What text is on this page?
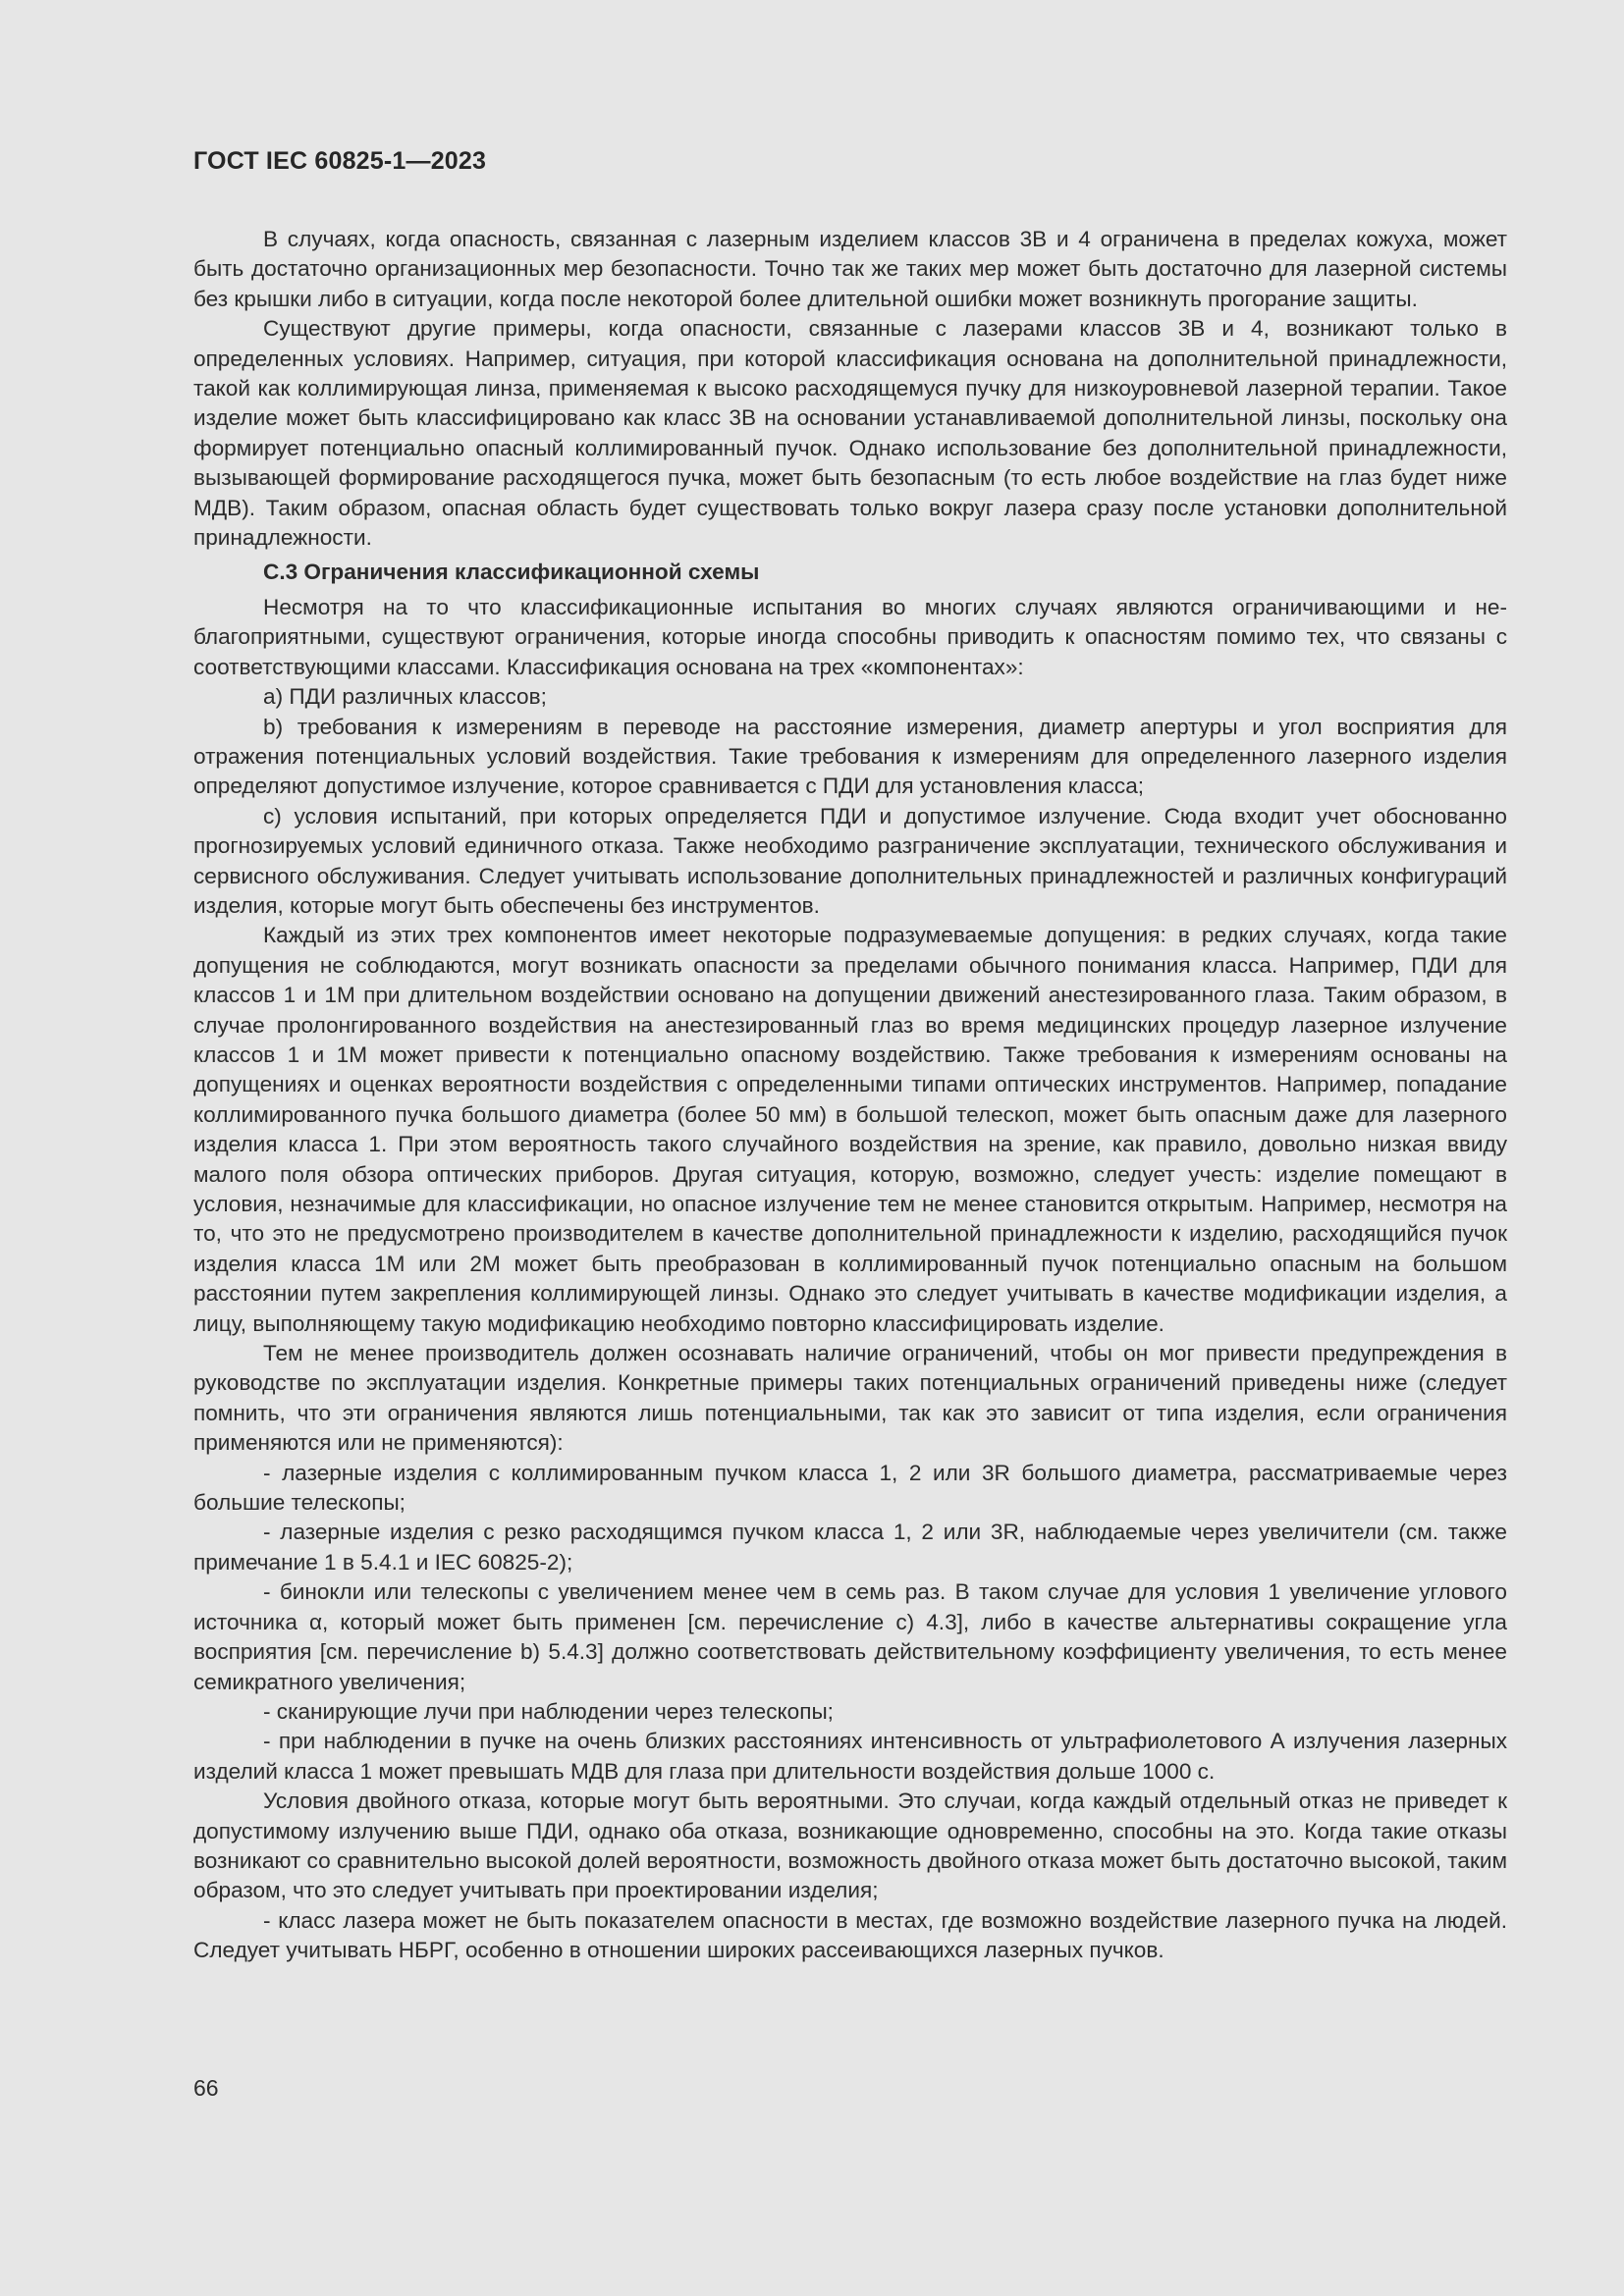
ГОСТ IEC 60825-1—2023

В случаях, когда опасность, связанная с лазерным изделием классов 3В и 4 ограничена в пределах кожуха, может быть достаточно организационных мер безопасности. Точно так же таких мер может быть достаточно для лазерной системы без крышки либо в ситуации, когда после некоторой более длительной ошибки может возникнуть прогорание защиты.

Существуют другие примеры, когда опасности, связанные с лазерами классов 3В и 4, возникают только в определенных условиях. Например, ситуация, при которой классификация основана на дополнительной принадлежности, такой как коллимирующая линза, применяемая к высоко расходящемуся пучку для низкоуровневой лазерной терапии. Такое изделие может быть классифицировано как класс 3В на основании устанавливаемой дополнительной линзы, поскольку она формирует потенциально опасный коллимированный пучок. Однако использование без дополнительной принадлежности, вызывающей формирование расходящегося пучка, может быть безопасным (то есть любое воздействие на глаз будет ниже МДВ). Таким образом, опасная область будет существовать только вокруг лазера сразу после установки дополнительной принадлежности.

С.3 Ограничения классификационной схемы

Несмотря на то что классификационные испытания во многих случаях являются ограничивающими и неблагоприятными, существуют ограничения, которые иногда способны приводить к опасностям помимо тех, что связаны с соответствующими классами. Классификация основана на трех «компонентах»:

a) ПДИ различных классов;

b) требования к измерениям в переводе на расстояние измерения, диаметр апертуры и угол восприятия для отражения потенциальных условий воздействия. Такие требования к измерениям для определенного лазерного изделия определяют допустимое излучение, которое сравнивается с ПДИ для установления класса;

c) условия испытаний, при которых определяется ПДИ и допустимое излучение. Сюда входит учет обоснованно прогнозируемых условий единичного отказа. Также необходимо разграничение эксплуатации, технического обслуживания и сервисного обслуживания. Следует учитывать использование дополнительных принадлежностей и различных конфигураций изделия, которые могут быть обеспечены без инструментов.

Каждый из этих трех компонентов имеет некоторые подразумеваемые допущения: в редких случаях, когда такие допущения не соблюдаются, могут возникать опасности за пределами обычного понимания класса. Например, ПДИ для классов 1 и 1М при длительном воздействии основано на допущении движений анестезированного глаза. Таким образом, в случае пролонгированного воздействия на анестезированный глаз во время медицинских процедур лазерное излучение классов 1 и 1М может привести к потенциально опасному воздействию. Также требования к измерениям основаны на допущениях и оценках вероятности воздействия с определенными типами оптических инструментов. Например, попадание коллимированного пучка большого диаметра (более 50 мм) в большой телескоп, может быть опасным даже для лазерного изделия класса 1. При этом вероятность такого случайного воздействия на зрение, как правило, довольно низкая ввиду малого поля обзора оптических приборов. Другая ситуация, которую, возможно, следует учесть: изделие помещают в условия, незначимые для классификации, но опасное излучение тем не менее становится открытым. Например, несмотря на то, что это не предусмотрено производителем в качестве дополнительной принадлежности к изделию, расходящийся пучок изделия класса 1М или 2М может быть преобразован в коллимированный пучок потенциально опасным на большом расстоянии путем закрепления коллимирующей линзы. Однако это следует учитывать в качестве модификации изделия, а лицу, выполняющему такую модификацию необходимо повторно классифицировать изделие.

Тем не менее производитель должен осознавать наличие ограничений, чтобы он мог привести предупреждения в руководстве по эксплуатации изделия. Конкретные примеры таких потенциальных ограничений приведены ниже (следует помнить, что эти ограничения являются лишь потенциальными, так как это зависит от типа изделия, если ограничения применяются или не применяются):

- лазерные изделия с коллимированным пучком класса 1, 2 или 3R большого диаметра, рассматриваемые через большие телескопы;

- лазерные изделия с резко расходящимся пучком класса 1, 2 или 3R, наблюдаемые через увеличители (см. также примечание 1 в 5.4.1 и IEC 60825-2);

- бинокли или телескопы с увеличением менее чем в семь раз. В таком случае для условия 1 увеличение углового источника α, который может быть применен [см. перечисление с) 4.3], либо в качестве альтернативы сокращение угла восприятия [см. перечисление b) 5.4.3] должно соответствовать действительному коэффициенту увеличения, то есть менее семикратного увеличения;

- сканирующие лучи при наблюдении через телескопы;

- при наблюдении в пучке на очень близких расстояниях интенсивность от ультрафиолетового А излучения лазерных изделий класса 1 может превышать МДВ для глаза при длительности воздействия дольше 1000 с.

Условия двойного отказа, которые могут быть вероятными. Это случаи, когда каждый отдельный отказ не приведет к допустимому излучению выше ПДИ, однако оба отказа, возникающие одновременно, способны на это. Когда такие отказы возникают со сравнительно высокой долей вероятности, возможность двойного отказа может быть достаточно высокой, таким образом, что это следует учитывать при проектировании изделия;

- класс лазера может не быть показателем опасности в местах, где возможно воздействие лазерного пучка на людей. Следует учитывать НБРГ, особенно в отношении широких рассеивающихся лазерных пучков.

66
